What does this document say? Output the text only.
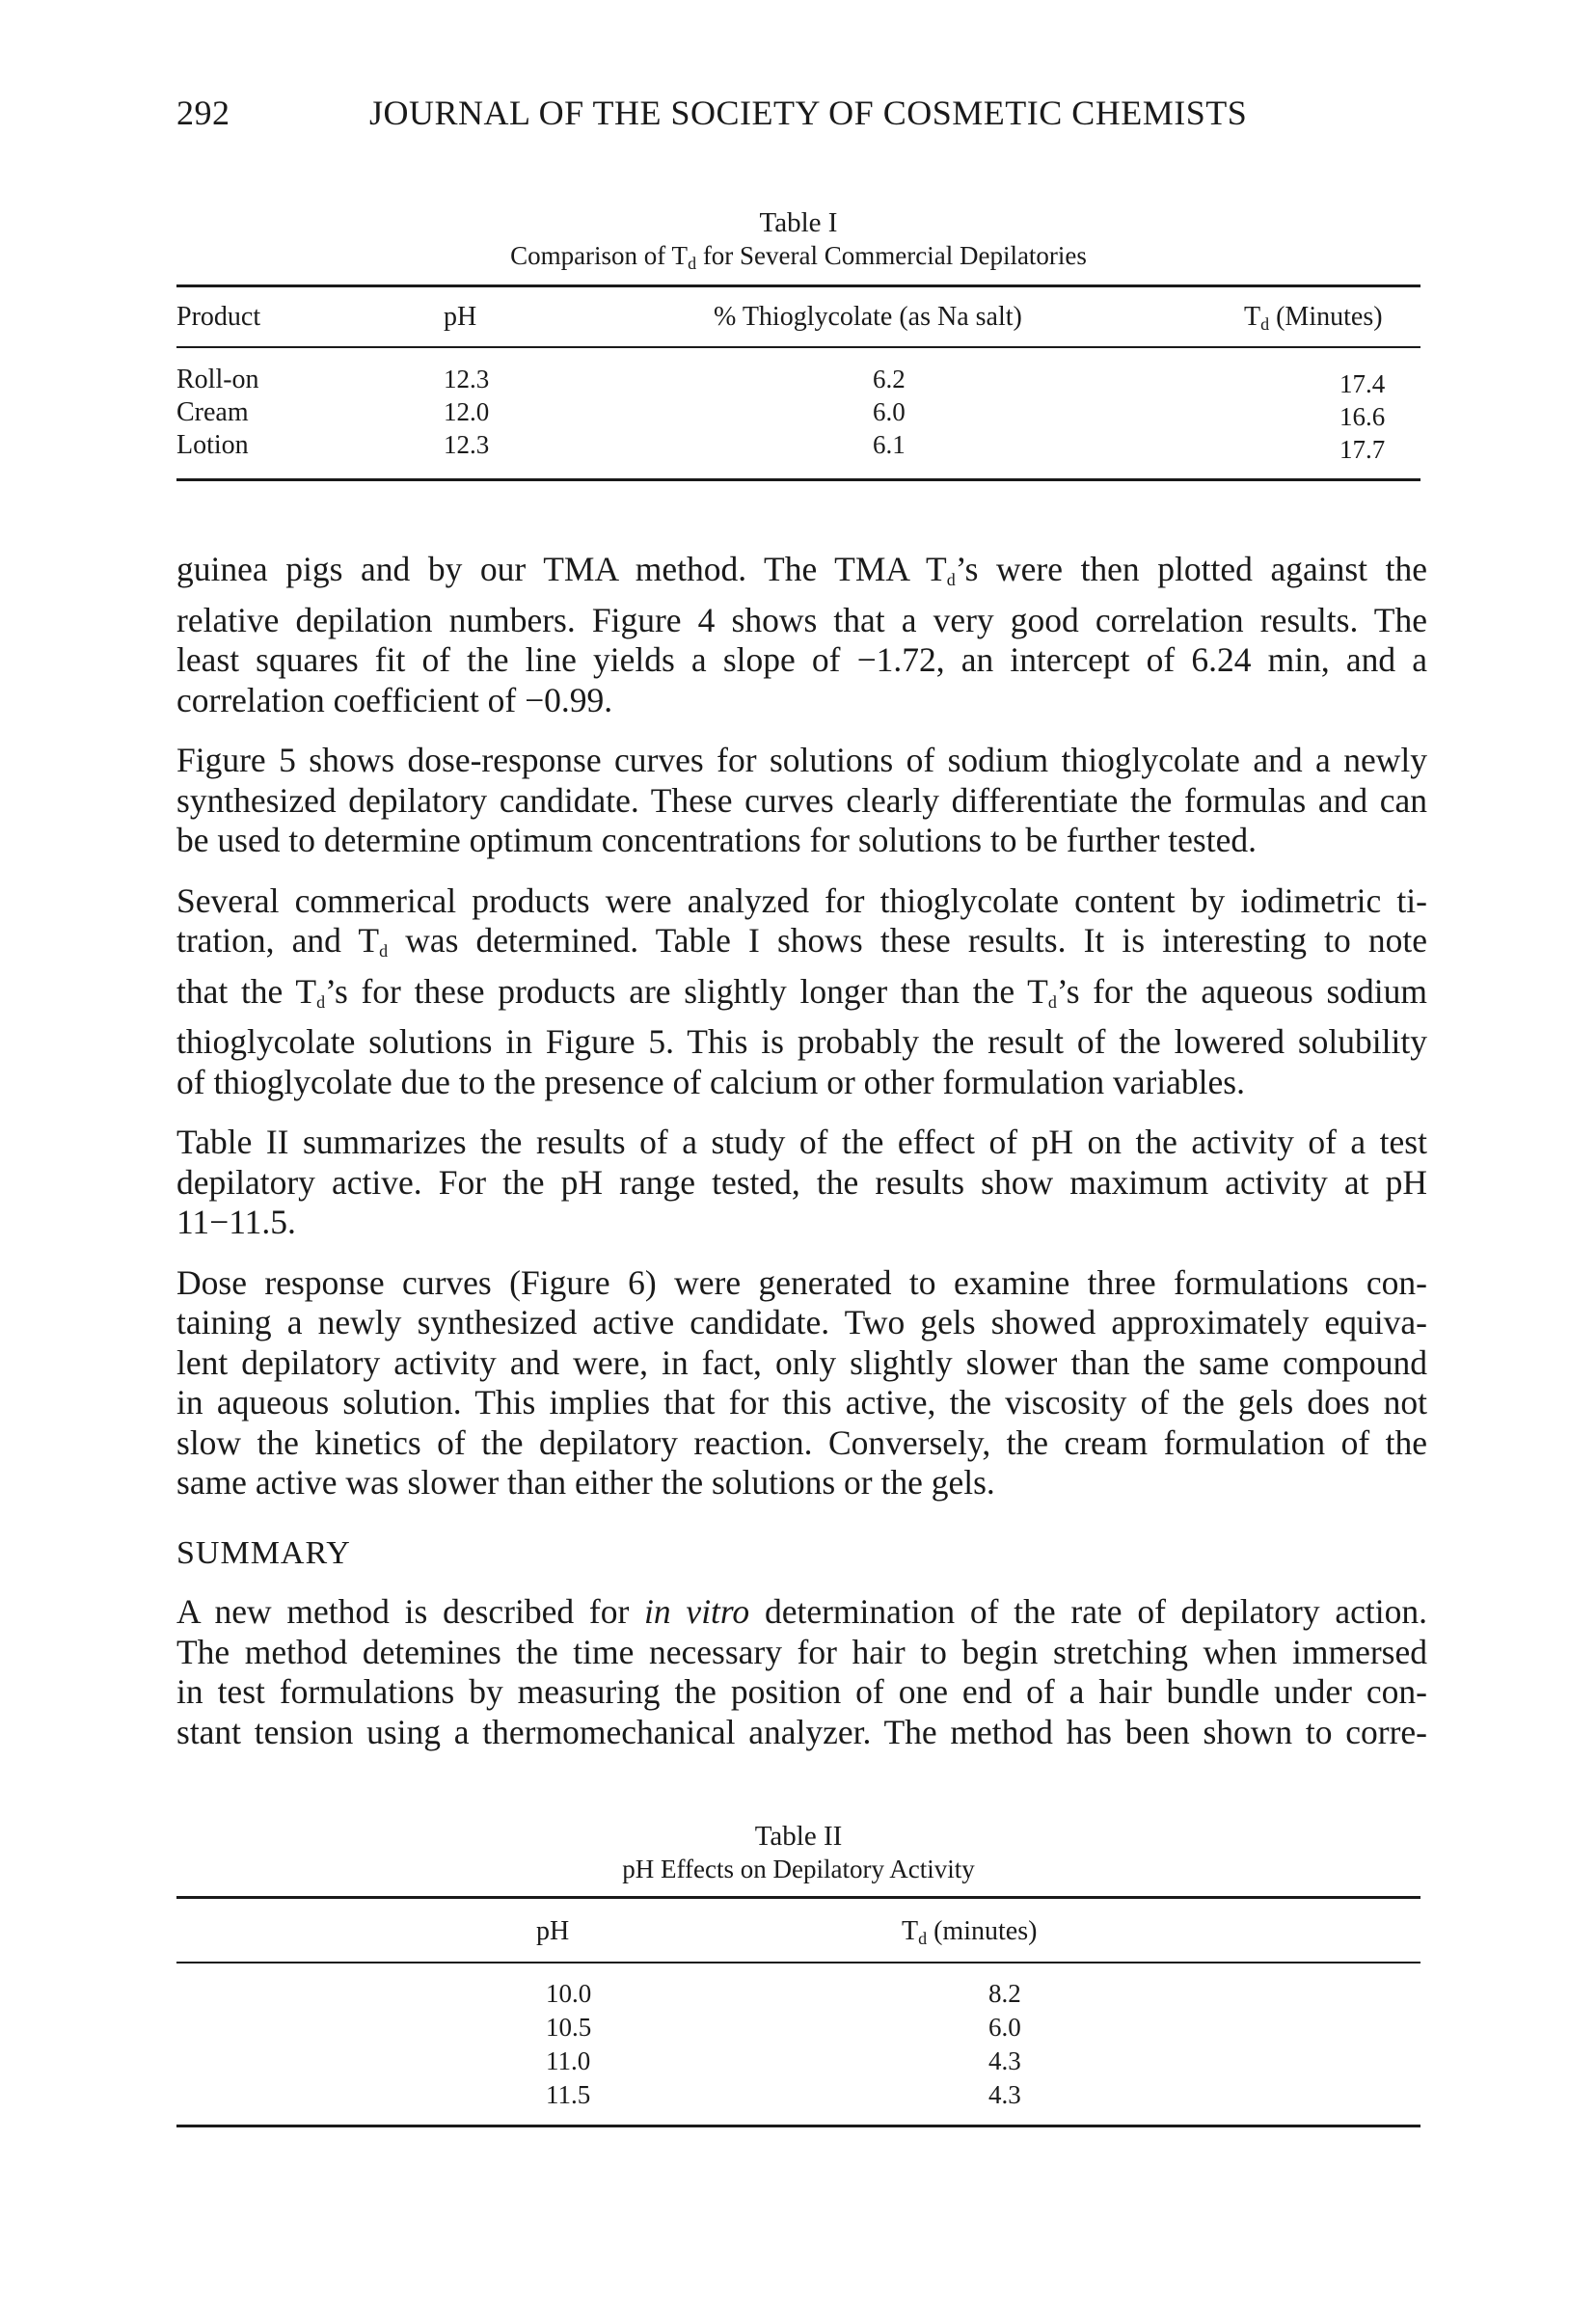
292	JOURNAL OF THE SOCIETY OF COSMETIC CHEMISTS
Table I
Comparison of $T_d$ for Several Commercial Depilatories
Product	pH	% Thioglycolate (as Na salt)	$T_d$ (Minutes)
Roll-on	12.3	6.2	17.4
Cream	12.0	6.0	16.6
Lotion	12.3	6.1	17.7

guinea pigs and by our TMA method. The TMA $T_d’s$ were then plotted against the
relative depilation numbers. Figure 4 shows that a very good correlation results. The
least squares fit of the line yields a slope of −1.72, an intercept of 6.24 min, and a
correlation coefficient of −0.99.

Figure 5 shows dose-response curves for solutions of sodium thioglycolate and a newly
synthesized depilatory candidate. These curves clearly differentiate the formulas and can
be used to determine optimum concentrations for solutions to be further tested.

Several commerical products were analyzed for thioglycolate content by iodimetric ti-
tration, and $T_d$ was determined. Table I shows these results. It is interesting to note
that the $T_d’s$ for these products are slightly longer than the $T_d’s$ for the aqueous sodium
thioglycolate solutions in Figure 5. This is probably the result of the lowered solubility
of thioglycolate due to the presence of calcium or other formulation variables.

Table II summarizes the results of a study of the effect of pH on the activity of a test
depilatory active. For the pH range tested, the results show maximum activity at pH
11−11.5.

Dose response curves (Figure 6) were generated to examine three formulations con-
taining a newly synthesized active candidate. Two gels showed approximately equiva-
lent depilatory activity and were, in fact, only slightly slower than the same compound
in aqueous solution. This implies that for this active, the viscosity of the gels does not
slow the kinetics of the depilatory reaction. Conversely, the cream formulation of the
same active was slower than either the solutions or the gels.

SUMMARY

A new method is described for in vitro determination of the rate of depilatory action.
The method detemines the time necessary for hair to begin stretching when immersed
in test formulations by measuring the position of one end of a hair bundle under con-
stant tension using a thermomechanical analyzer. The method has been shown to corre-

Table II
pH Effects on Depilatory Activity
pH	$T_d$ (minutes)
10.0	8.2
10.5	6.0
11.0	4.3
11.5	4.3
